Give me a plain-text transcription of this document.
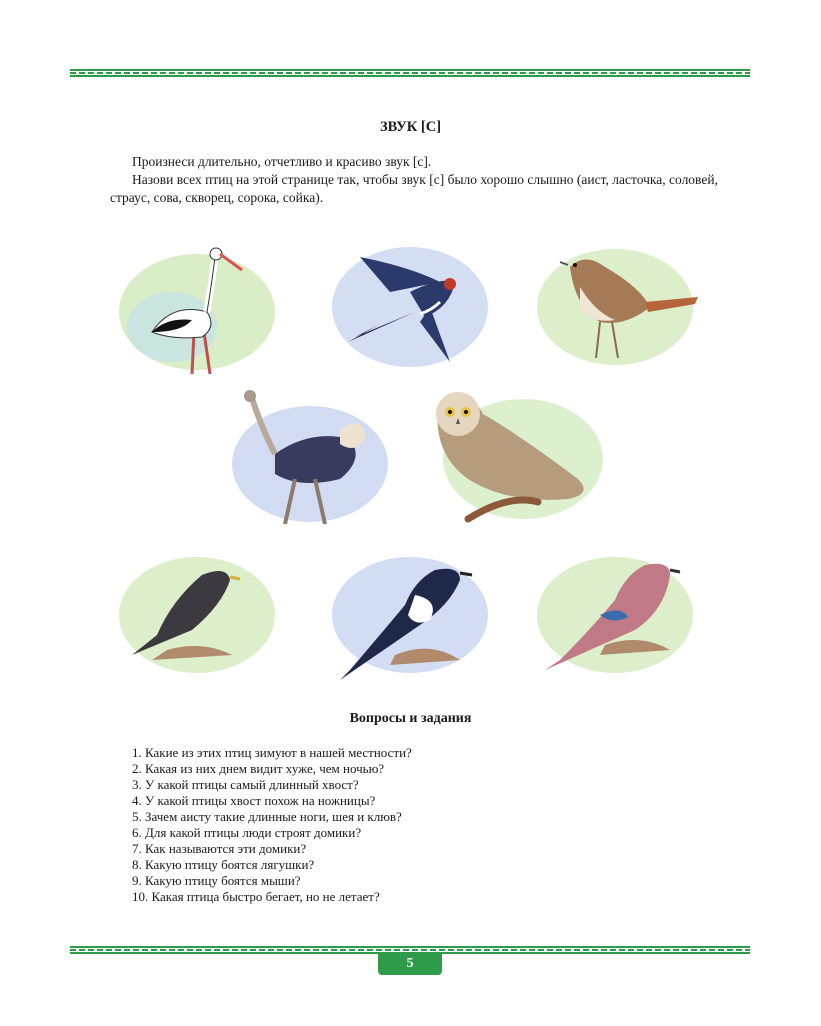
ЗВУК [С]

Произнеси длительно, отчетливо и красиво звук [с].

Назови всех птиц на этой странице так, чтобы звук [с] было хорошо слышно (аист, ласточка, соловей, страус, сова, скворец, сорока, сойка).

Вопросы и задания
1. Какие из этих птиц зимуют в нашей местности?
2. Какая из них днем видит хуже, чем ночью?
3. У какой птицы самый длинный хвост?
4. У какой птицы хвост похож на ножницы?
5. Зачем аисту такие длинные ноги, шея и клюв?
6. Для какой птицы люди строят домики?
7. Как называются эти домики?
8. Какую птицу боятся лягушки?
9. Какую птицу боятся мыши?
10. Какая птица быстро бегает, но не летает?
5
